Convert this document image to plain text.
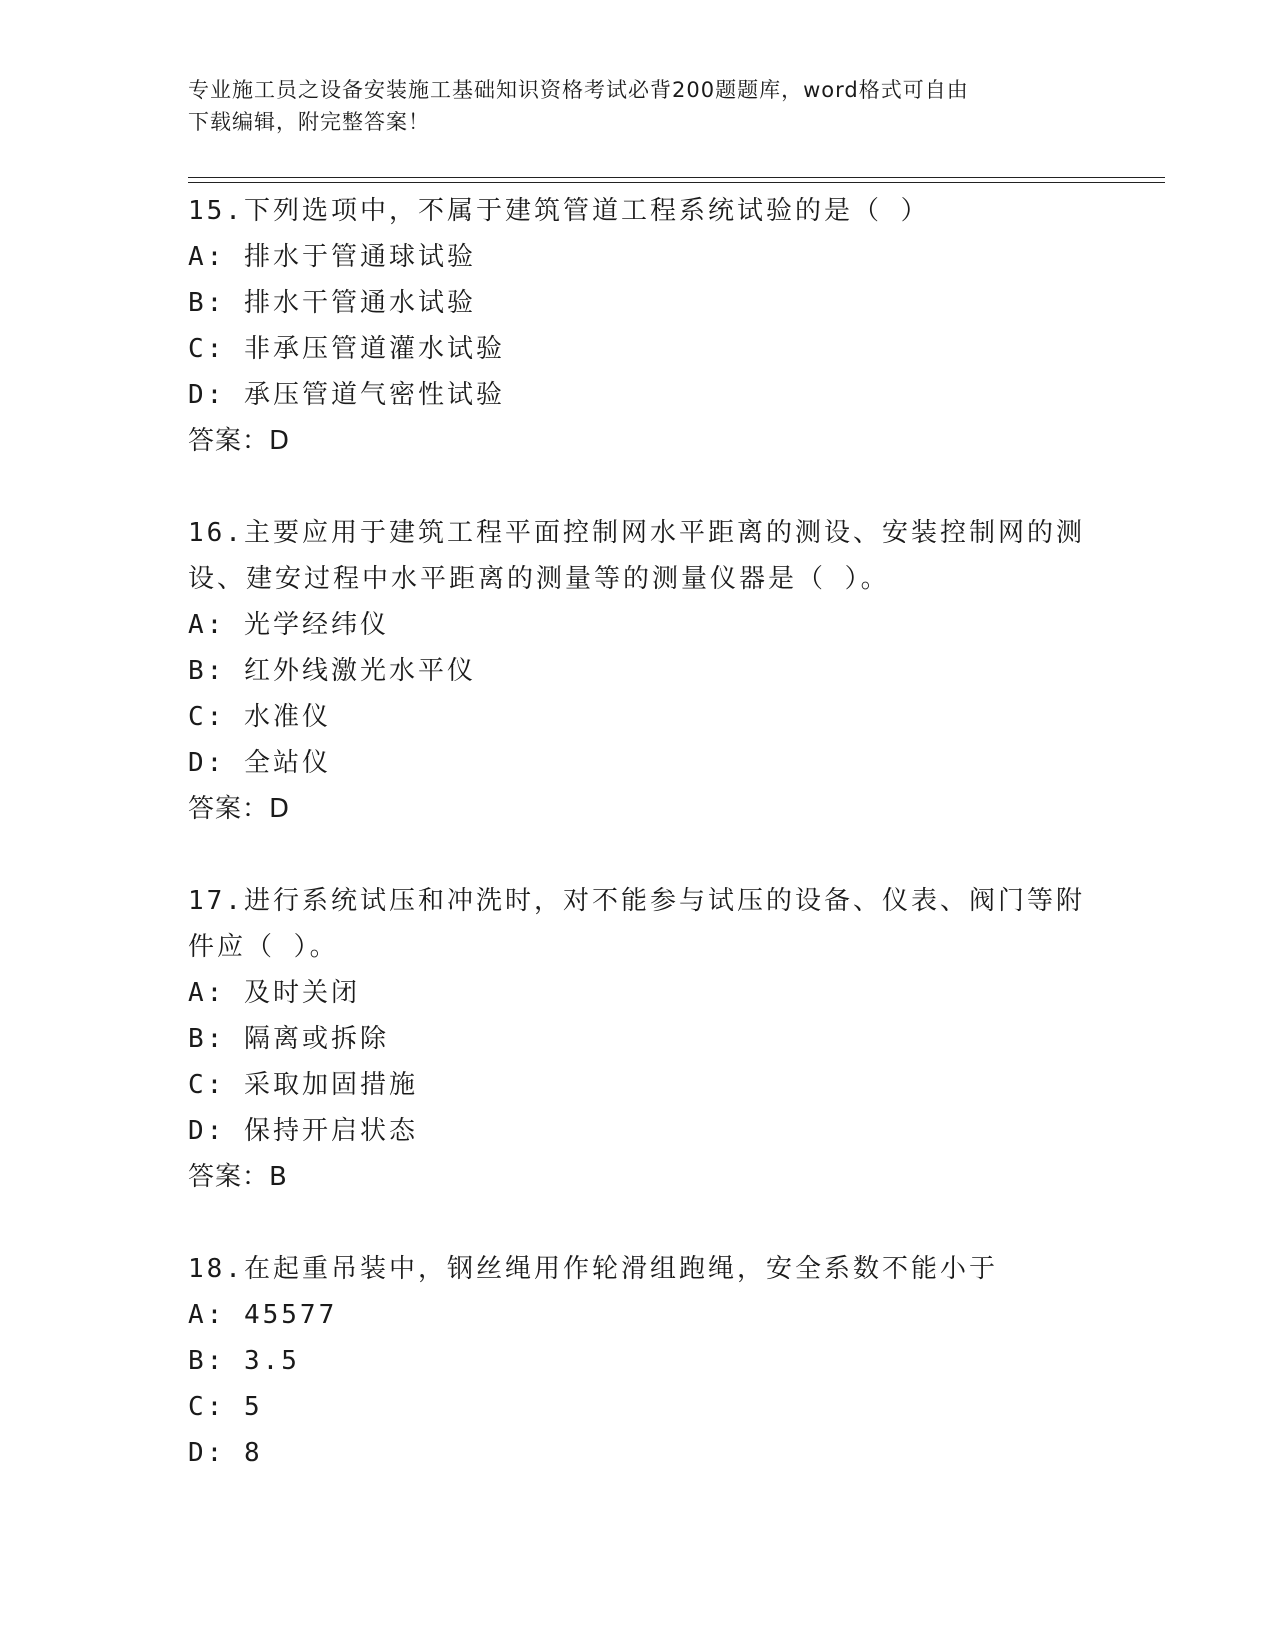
专业施工员之设备安装施工基础知识资格考试必背200题题库，word格式可自由
下载编辑，附完整答案！
15.下列选项中，不属于建筑管道工程系统试验的是（ ）
A: 排水于管通球试验
B: 排水干管通水试验
C: 非承压管道灌水试验
D: 承压管道气密性试验
答案：D
16.主要应用于建筑工程平面控制网水平距离的测设、安装控制网的测
设、建安过程中水平距离的测量等的测量仪器是（ ）。
A: 光学经纬仪
B: 红外线激光水平仪
C: 水准仪
D: 全站仪
答案：D
17.进行系统试压和冲洗时，对不能参与试压的设备、仪表、阀门等附
件应（ ）。
A: 及时关闭
B: 隔离或拆除
C: 采取加固措施
D: 保持开启状态
答案：B
18.在起重吊装中，钢丝绳用作轮滑组跑绳，安全系数不能小于
A: 45577
B: 3.5
C: 5
D: 8
